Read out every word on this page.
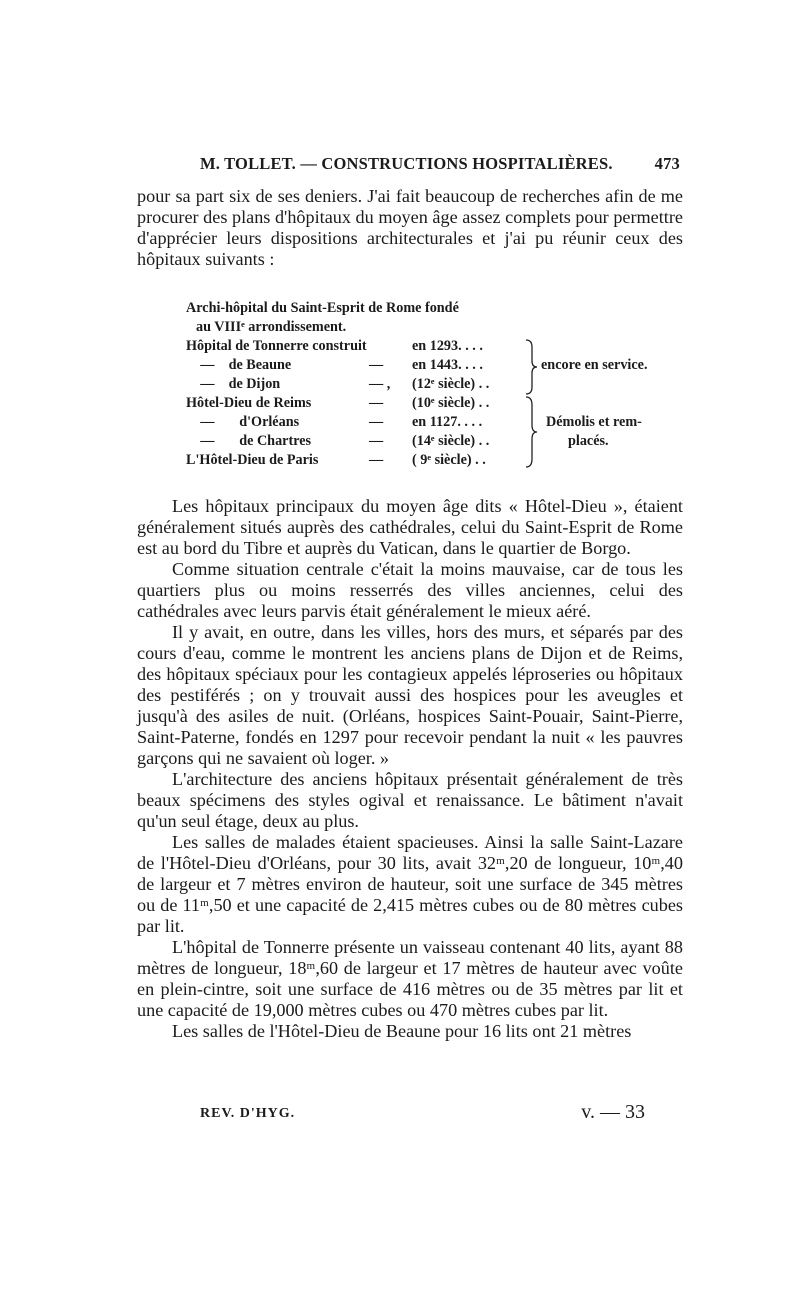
M. TOLLET. — CONSTRUCTIONS HOSPITALIÈRES.	473

pour sa part six de ses deniers. J'ai fait beaucoup de recherches afin de me procurer des plans d'hôpitaux du moyen âge assez complets pour permettre d'apprécier leurs dispositions architecturales et j'ai pu réunir ceux des hôpitaux suivants :

Archi-hôpital du Saint-Esprit de Rome fondé
au VIIIᵉ arrondissement.
Hôpital de Tonnerre construit	en 1293. . . .
—    de Beaune	— en 1443. . . .
—    de Dijon	— , (12ᵉ siècle) . .
Hôtel-Dieu de Reims	— (10ᵉ siècle) . .
—       d'Orléans	— en 1127. . . .
—       de Chartres	— (14ᵉ siècle) . .
L'Hôtel-Dieu de Paris	— ( 9ᵉ siècle) . .
encore en service.
Démolis et rem-
placés.

Les hôpitaux principaux du moyen âge dits « Hôtel-Dieu », étaient généralement situés auprès des cathédrales, celui du Saint-Esprit de Rome est au bord du Tibre et auprès du Vatican, dans le quartier de Borgo.

Comme situation centrale c'était la moins mauvaise, car de tous les quartiers plus ou moins resserrés des villes anciennes, celui des cathédrales avec leurs parvis était généralement le mieux aéré.

Il y avait, en outre, dans les villes, hors des murs, et séparés par des cours d'eau, comme le montrent les anciens plans de Dijon et de Reims, des hôpitaux spéciaux pour les contagieux appelés léproseries ou hôpitaux des pestiférés ; on y trouvait aussi des hospices pour les aveugles et jusqu'à des asiles de nuit. (Orléans, hospices Saint-Pouair, Saint-Pierre, Saint-Paterne, fondés en 1297 pour recevoir pendant la nuit « les pauvres garçons qui ne savaient où loger. »

L'architecture des anciens hôpitaux présentait généralement de très beaux spécimens des styles ogival et renaissance. Le bâtiment n'avait qu'un seul étage, deux au plus.

Les salles de malades étaient spacieuses. Ainsi la salle Saint-Lazare de l'Hôtel-Dieu d'Orléans, pour 30 lits, avait 32ᵐ,20 de longueur, 10ᵐ,40 de largeur et 7 mètres environ de hauteur, soit une surface de 345 mètres ou de 11ᵐ,50 et une capacité de 2,415 mètres cubes ou de 80 mètres cubes par lit.

L'hôpital de Tonnerre présente un vaisseau contenant 40 lits, ayant 88 mètres de longueur, 18ᵐ,60 de largeur et 17 mètres de hauteur avec voûte en plein-cintre, soit une surface de 416 mètres ou de 35 mètres par lit et une capacité de 19,000 mètres cubes ou 470 mètres cubes par lit.

Les salles de l'Hôtel-Dieu de Beaune pour 16 lits ont 21 mètres

REV. D'HYG.	v. — 33
